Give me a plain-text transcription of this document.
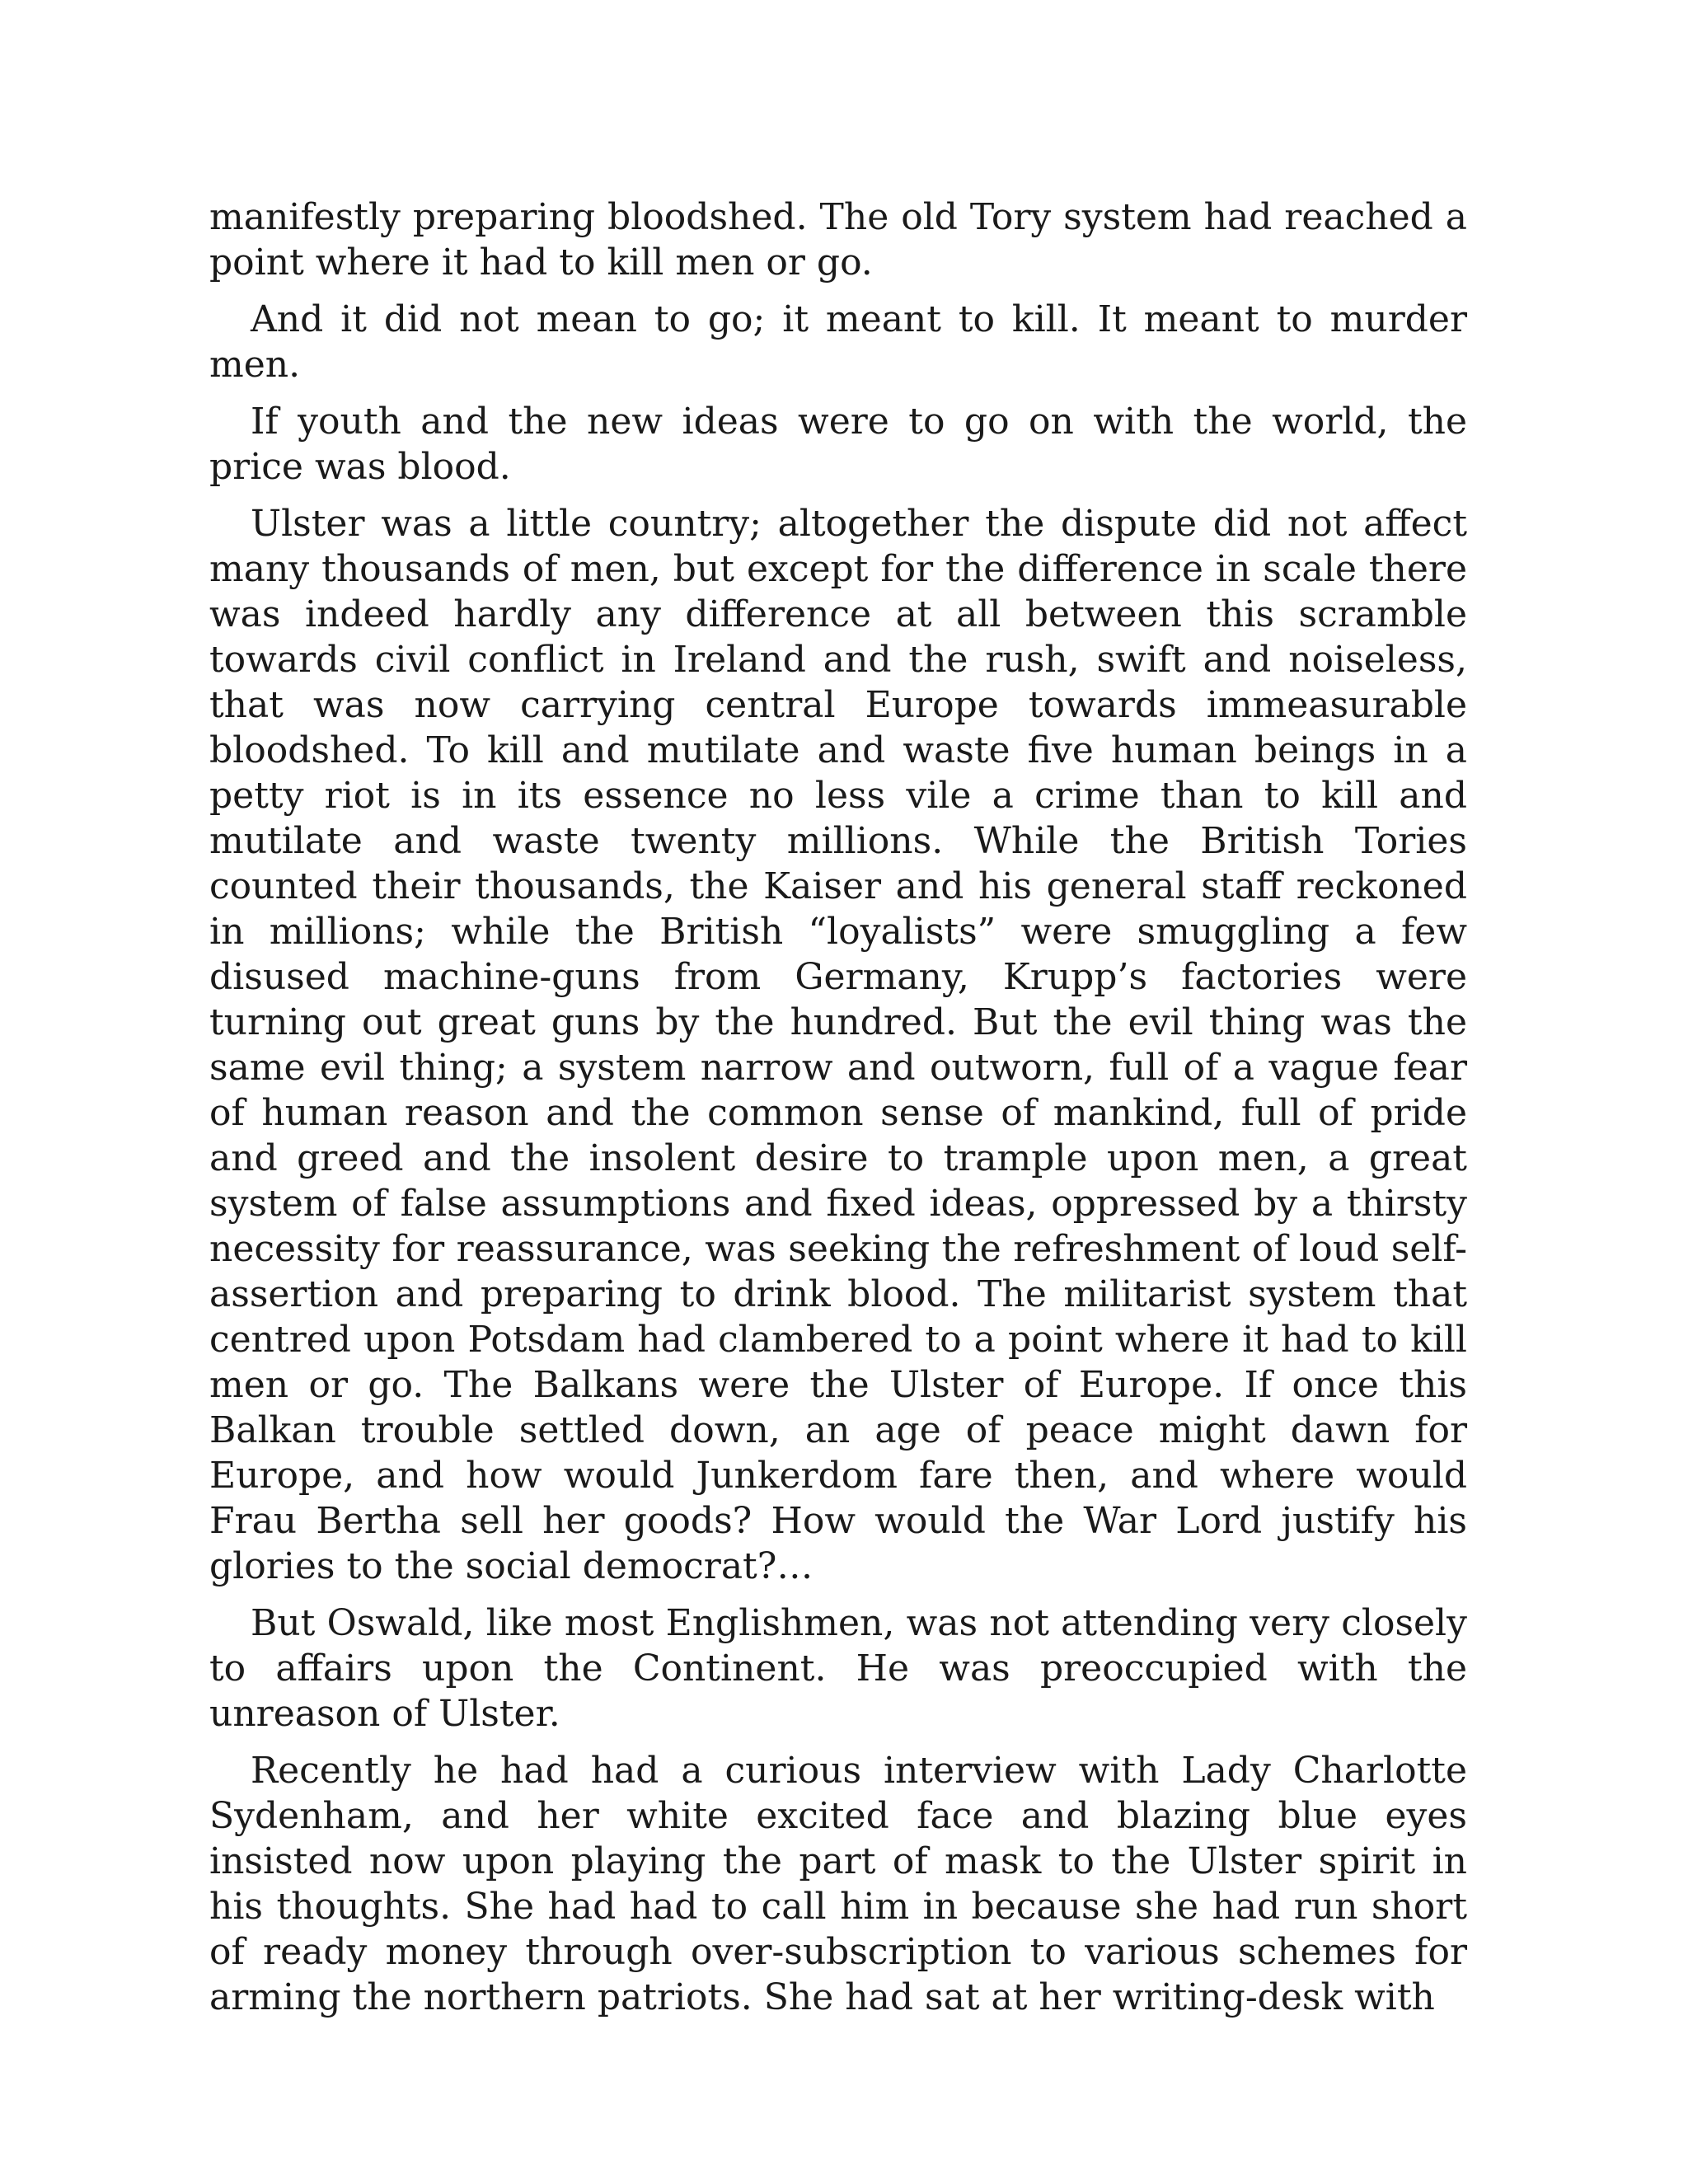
manifestly preparing bloodshed. The old Tory system had reached a point where it had to kill men or go.

And it did not mean to go; it meant to kill. It meant to murder men.

If youth and the new ideas were to go on with the world, the price was blood.

Ulster was a little country; altogether the dispute did not affect many thousands of men, but except for the difference in scale there was indeed hardly any difference at all between this scramble towards civil conflict in Ireland and the rush, swift and noiseless, that was now carrying central Europe towards immeasurable bloodshed. To kill and mutilate and waste five human beings in a petty riot is in its essence no less vile a crime than to kill and mutilate and waste twenty millions. While the British Tories counted their thousands, the Kaiser and his general staff reckoned in millions; while the British “loyalists” were smuggling a few disused machine-guns from Germany, Krupp’s factories were turning out great guns by the hundred. But the evil thing was the same evil thing; a system narrow and outworn, full of a vague fear of human reason and the common sense of mankind, full of pride and greed and the insolent desire to trample upon men, a great system of false assumptions and fixed ideas, oppressed by a thirsty necessity for reassurance, was seeking the refreshment of loud self-assertion and preparing to drink blood. The militarist system that centred upon Potsdam had clambered to a point where it had to kill men or go. The Balkans were the Ulster of Europe. If once this Balkan trouble settled down, an age of peace might dawn for Europe, and how would Junkerdom fare then, and where would Frau Bertha sell her goods? How would the War Lord justify his glories to the social democrat?…

But Oswald, like most Englishmen, was not attending very closely to affairs upon the Continent. He was preoccupied with the unreason of Ulster.

Recently he had had a curious interview with Lady Charlotte Sydenham, and her white excited face and blazing blue eyes insisted now upon playing the part of mask to the Ulster spirit in his thoughts. She had had to call him in because she had run short of ready money through over-subscription to various schemes for arming the northern patriots. She had sat at her writing-desk with
